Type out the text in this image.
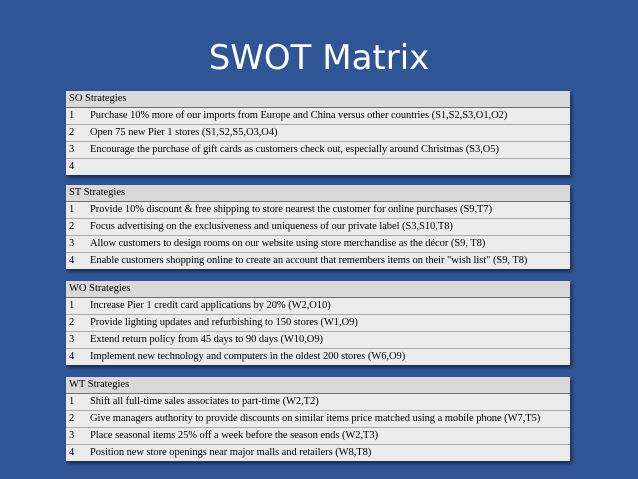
SWOT Matrix
SO Strategies
1 Purchase 10% more of our imports from Europe and China versus other countries (S1,S2,S3,O1,O2)
2 Open 75 new Pier 1 stores (S1,S2,S5,O3,O4)
3 Encourage the purchase of gift cards as customers check out, especially around Christmas (S3,O5)
4
ST Strategies
1 Provide 10% discount & free shipping to store nearest the customer for online purchases (S9,T7)
2 Focus advertising on the exclusiveness and uniqueness of our private label (S3,S10,T8)
3 Allow customers to design rooms on our website using store merchandise as the décor (S9, T8)
4 Enable customers shopping online to create an account that remembers items on their "wish list" (S9, T8)
WO Strategies
1 Increase Pier 1 credit card applications by 20% (W2,O10)
2 Provide lighting updates and refurbishing to 150 stores (W1,O9)
3 Extend return policy from 45 days to 90 days (W10,O9)
4 Implement new technology and computers in the oldest 200 stores (W6,O9)
WT Strategies
1 Shift all full-time sales associates to part-time (W2,T2)
2 Give managers authority to provide discounts on similar items price matched using a mobile phone (W7,T5)
3 Place seasonal items 25% off a week before the season ends (W2,T3)
4 Position new store openings near major malls and retailers (W8,T8)
